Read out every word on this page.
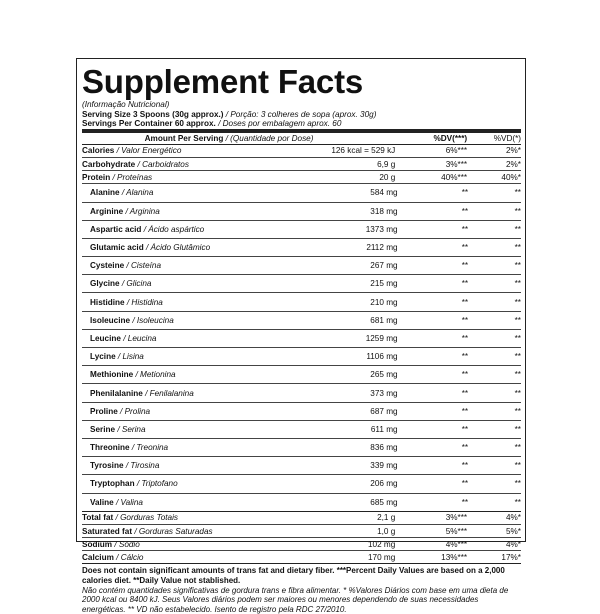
Supplement Facts
(Informação Nutricional)
Serving Size 3 Spoons (30g approx.) / Porção: 3 colheres de sopa (aprox. 30g)
Servings Per Container 60 approx. / Doses por embalagem aprox. 60
Amount Per Serving / (Quantidade por Dose)	%DV(***)	%VD(*)
Calories / Valor Energético	126 kcal = 529 kJ	6%***	2%*
Carbohydrate / Carboidratos	6,9 g	3%***	2%*
Protein / Proteínas	20 g	40%***	40%*
Alanine / Alanina	584 mg	**	**
Arginine / Arginina	318 mg	**	**
Aspartic acid / Ácido aspártico	1373 mg	**	**
Glutamic acid / Ácido Glutâmico	2112 mg	**	**
Cysteine / Cisteína	267 mg	**	**
Glycine / Glicina	215 mg	**	**
Histidine / Histidina	210 mg	**	**
Isoleucine / Isoleucina	681 mg	**	**
Leucine / Leucina	1259 mg	**	**
Lycine / Lisina	1106 mg	**	**
Methionine / Metionina	265 mg	**	**
Phenilalanine / Fenilalanina	373 mg	**	**
Proline / Prolina	687 mg	**	**
Serine / Serina	611 mg	**	**
Threonine / Treonina	836 mg	**	**
Tyrosine / Tirosina	339 mg	**	**
Tryptophan / Triptofano	206 mg	**	**
Valine / Valina	685 mg	**	**
Total fat / Gorduras Totais	2,1 g	3%***	4%*
Saturated fat / Gorduras Saturadas	1,0 g	5%***	5%*
Sodium / Sódio	102 mg	4%***	4%*
Calcium / Cálcio	170 mg	13%***	17%*
Does not contain significant amounts of trans fat and dietary fiber. ***Percent Daily Values are based on a 2,000 calories diet. **Daily Value not stablished.
Não contém quantidades significativas de gordura trans e fibra alimentar. * %Valores Diários com base em uma dieta de 2000 kcal ou 8400 kJ. Seus Valores diários podem ser maiores ou menores dependendo de suas necessidades energéticas. ** VD não estabelecido. Isento de registro pela RDC 27/2010.
